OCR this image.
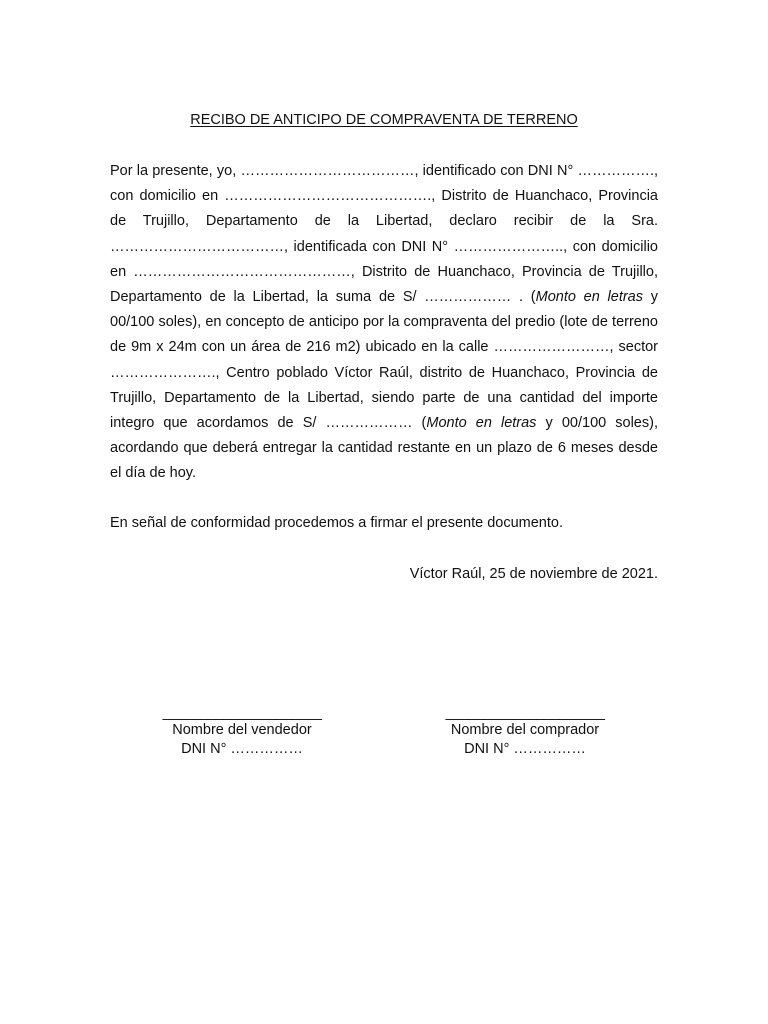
RECIBO DE ANTICIPO DE COMPRAVENTA DE TERRENO

Por la presente, yo, ………………………………, identificado con DNI N° ……………., con domicilio en ……………………………………., Distrito de Huanchaco, Provincia de Trujillo, Departamento de la Libertad, declaro recibir de la Sra. ………………………………, identificada con DNI N° ………………….., con domicilio en ………………………………………, Distrito de Huanchaco, Provincia de Trujillo, Departamento de la Libertad, la suma de S/ ……………… . (Monto en letras y 00/100 soles), en concepto de anticipo por la compraventa del predio (lote de terreno de 9m x 24m con un área de 216 m2) ubicado en la calle ……………………, sector …………………., Centro poblado Víctor Raúl, distrito de Huanchaco, Provincia de Trujillo, Departamento de la Libertad, siendo parte de una cantidad del importe integro que acordamos de S/ ……………… (Monto en letras y 00/100 soles), acordando que deberá entregar la cantidad restante en un plazo de 6 meses desde el día de hoy.

En señal de conformidad procedemos a firmar el presente documento.

Víctor Raúl, 25 de noviembre de 2021.

_____________________
Nombre del vendedor
DNI N° ……………
_____________________
Nombre del comprador
DNI N° ……………
